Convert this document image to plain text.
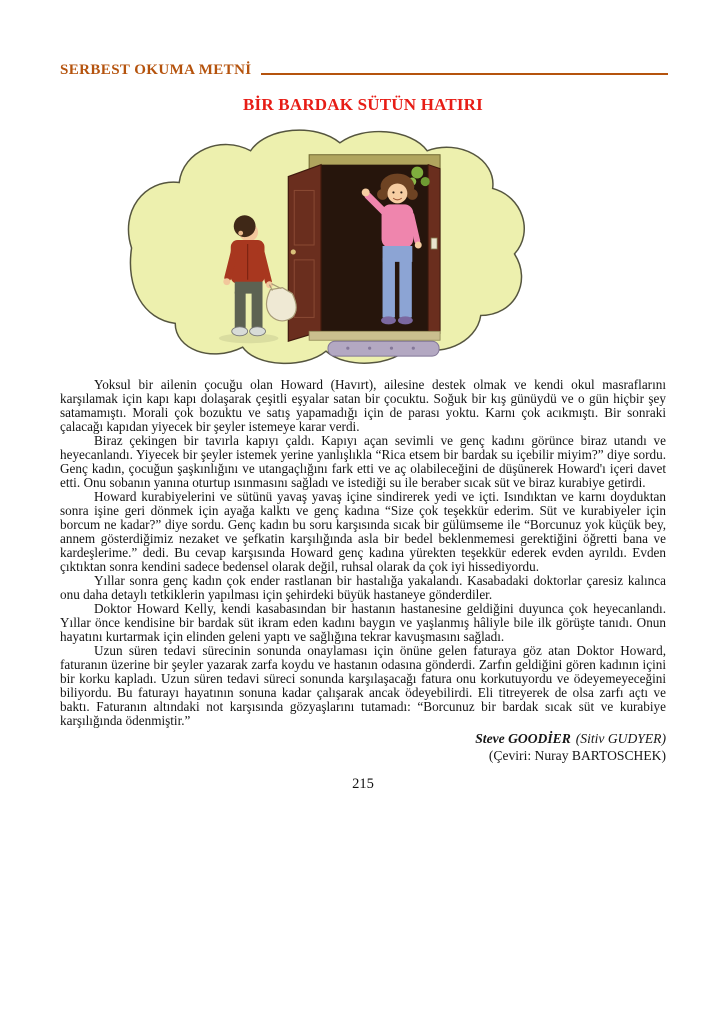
SERBEST OKUMA METNİ
BİR BARDAK SÜTÜN HATIRI

Yoksul bir ailenin çocuğu olan Howard (Havırt), ailesine destek olmak ve kendi okul masraflarını karşılamak için kapı kapı dolaşarak çeşitli eşyalar satan bir çocuktu. Soğuk bir kış günüydü ve o gün hiçbir şey satamamıştı. Morali çok bozuktu ve satış yapamadığı için de parası yoktu. Karnı çok acıkmıştı. Bir sonraki çalacağı kapıdan yiyecek bir şeyler istemeye karar verdi.

Biraz çekingen bir tavırla kapıyı çaldı. Kapıyı açan sevimli ve genç kadını görünce biraz utandı ve heyecanlandı. Yiyecek bir şeyler istemek yerine yanlışlıkla “Rica etsem bir bardak su içebilir miyim?” diye sordu. Genç kadın, çocuğun şaşkınlığını ve utangaçlığını fark etti ve aç olabileceğini de düşünerek Howard'ı içeri davet etti. Onu sobanın yanına oturtup ısınmasını sağladı ve istediği su ile beraber sıcak süt ve biraz kurabiye getirdi.

Howard kurabiyelerini ve sütünü yavaş yavaş içine sindirerek yedi ve içti. Isındıktan ve karnı doyduktan sonra işine geri dönmek için ayağa kalktı ve genç kadına “Size çok teşekkür ederim. Süt ve kurabiyeler için borcum ne kadar?” diye sordu. Genç kadın bu soru karşısında sıcak bir gülümseme ile “Borcunuz yok küçük bey, annem gösterdiğimiz nezaket ve şefkatin karşılığında asla bir bedel beklenmemesi gerektiğini öğretti bana ve kardeşlerime.” dedi. Bu cevap karşısında Howard genç kadına yürekten teşekkür ederek evden ayrıldı. Evden çıktıktan sonra kendini sadece bedensel olarak değil, ruhsal olarak da çok iyi hissediyordu.

Yıllar sonra genç kadın çok ender rastlanan bir hastalığa yakalandı. Kasabadaki doktorlar çaresiz kalınca onu daha detaylı tetkiklerin yapılması için şehirdeki büyük hastaneye gönderdiler.

Doktor Howard Kelly, kendi kasabasından bir hastanın hastanesine geldiğini duyunca çok heyecanlandı. Yıllar önce kendisine bir bardak süt ikram eden kadını baygın ve yaşlanmış hâliyle bile ilk görüşte tanıdı. Onun hayatını kurtarmak için elinden geleni yaptı ve sağlığına tekrar kavuşmasını sağladı.

Uzun süren tedavi sürecinin sonunda onaylaması için önüne gelen faturaya göz atan Doktor Howard, faturanın üzerine bir şeyler yazarak zarfa koydu ve hastanın odasına gönderdi. Zarfın geldiğini gören kadının içini bir korku kapladı. Uzun süren tedavi süreci sonunda karşılaşacağı fatura onu korkutuyordu ve ödeyemeyeceğini biliyordu. Bu faturayı hayatının sonuna kadar çalışarak ancak ödeyebilirdi. Eli titreyerek de olsa zarfı açtı ve baktı. Faturanın altındaki not karşısında gözyaşlarını tutamadı: “Borcunuz bir bardak sıcak süt ve kurabiye karşılığında ödenmiştir.”

Steve GOODİER (Sitiv GUDYER)
(Çeviri: Nuray BARTOSCHEK)
215
